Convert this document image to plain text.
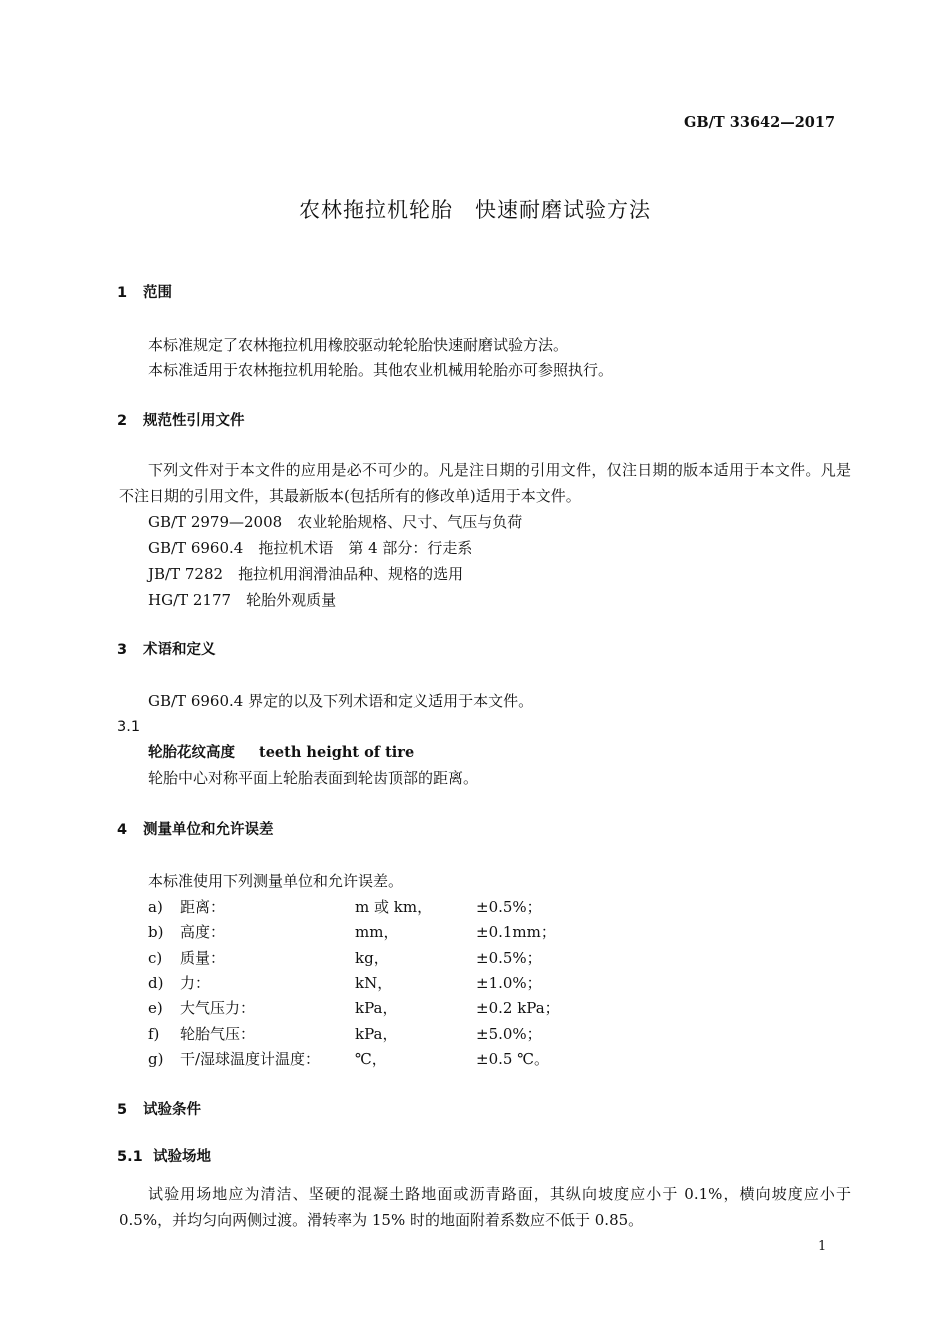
GB/T 33642—2017
农林拖拉机轮胎　快速耐磨试验方法
1 范围
本标准规定了农林拖拉机用橡胶驱动轮轮胎快速耐磨试验方法。
本标准适用于农林拖拉机用轮胎。其他农业机械用轮胎亦可参照执行。
2 规范性引用文件
下列文件对于本文件的应用是必不可少的。凡是注日期的引用文件，仅注日期的版本适用于本文件。凡是不注日期的引用文件，其最新版本(包括所有的修改单)适用于本文件。
GB/T 2979—2008　 农业轮胎规格、尺寸、气压与负荷
GB/T 6960.4　 拖拉机术语　第 4 部分：行走系
JB/T 7282　 拖拉机用润滑油品种、规格的选用
HG/T 2177　 轮胎外观质量
3 术语和定义
GB/T 6960.4 界定的以及下列术语和定义适用于本文件。
3.1
轮胎花纹高度 teeth height of tire
轮胎中心对称平面上轮胎表面到轮齿顶部的距离。
4 测量单位和允许误差
本标准使用下列测量单位和允许误差。
a) 距离：	m 或 km，	±0.5%；
b) 高度：	mm，	±0.1mm；
c) 质量：	kg，	±0.5%；
d) 力：	kN，	±1.0%；
e) 大气压力：	kPa，	±0.2 kPa；
f) 轮胎气压：	kPa，	±5.0%；
g) 干/湿球温度计温度： ℃，	±0.5 ℃。
5 试验条件
5.1 试验场地
试验用场地应为清洁、坚硬的混凝土路地面或沥青路面，其纵向坡度应小于 0.1%，横向坡度应小于 0.5%，并均匀向两侧过渡。滑转率为 15% 时的地面附着系数应不低于 0.85。
1
